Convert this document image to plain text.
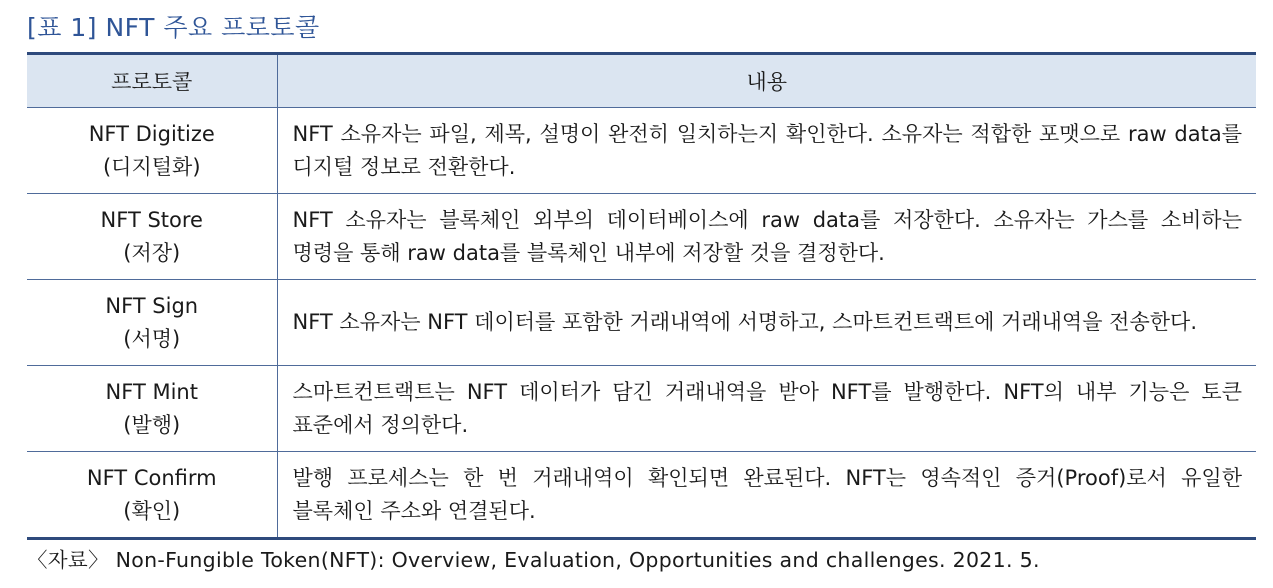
[표 1] NFT 주요 프로토콜
프로토콜	내용

NFT Digitize
(디지털화)	NFT 소유자는 파일, 제목, 설명이 완전히 일치하는지 확인한다. 소유자는 적합한 포맷으로 raw data를 디지털 정보로 전환한다.

NFT Store
(저장)	NFT 소유자는 블록체인 외부의 데이터베이스에 raw data를 저장한다. 소유자는 가스를 소비하는 명령을 통해 raw data를 블록체인 내부에 저장할 것을 결정한다.

NFT Sign
(서명)	NFT 소유자는 NFT 데이터를 포함한 거래내역에 서명하고, 스마트컨트랙트에 거래내역을 전송한다.

NFT Mint
(발행)	스마트컨트랙트는 NFT 데이터가 담긴 거래내역을 받아 NFT를 발행한다. NFT의 내부 기능은 토큰 표준에서 정의한다.

NFT Confirm
(확인)	발행 프로세스는 한 번 거래내역이 확인되면 완료된다. NFT는 영속적인 증거(Proof)로서 유일한 블록체인 주소와 연결된다.
〈자료〉 Non-Fungible Token(NFT): Overview, Evaluation, Opportunities and challenges. 2021. 5.
